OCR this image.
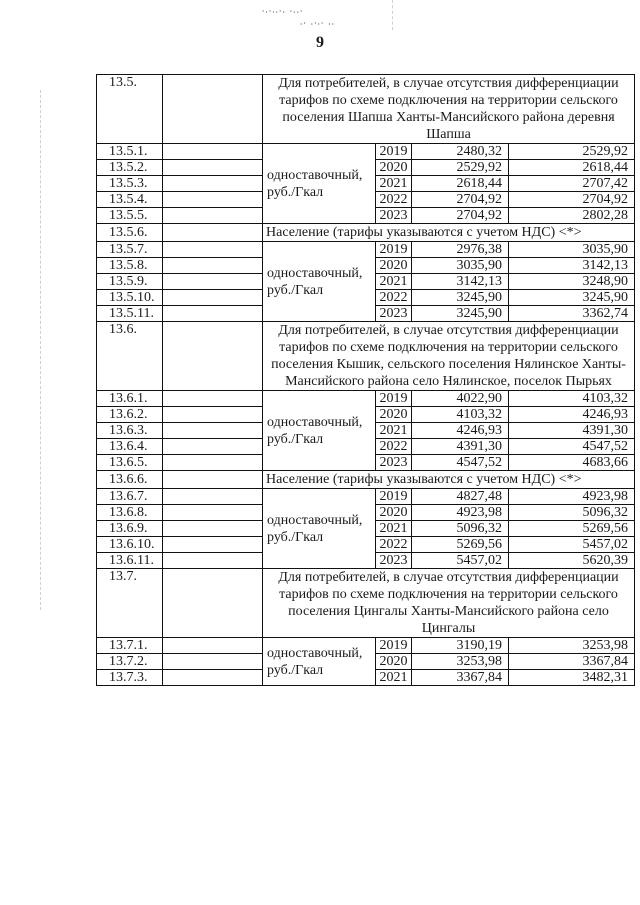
⸱⸳⸱⸳⸳⸱⸳ ⸱⸳⸳⸱
⸳⸱ ⸳⸱⸳⸱ ⸳⸳
9
13.5.		Для потребителей, в случае отсутствия дифференциации тарифов по схеме подключения на территории сельского поселения Шапша Ханты-Мансийского района деревня Шапша			
13.5.1.		одноставочный, руб./Гкал	2019	2480,32	2529,92
13.5.2.			2020	2529,92	2618,44
13.5.3.			2021	2618,44	2707,42
13.5.4.			2022	2704,92	2704,92
13.5.5.			2023	2704,92	2802,28
13.5.6.		Население (тарифы указываются с учетом НДС) <*>			
13.5.7.		одноставочный, руб./Гкал	2019	2976,38	3035,90
13.5.8.			2020	3035,90	3142,13
13.5.9.			2021	3142,13	3248,90
13.5.10.			2022	3245,90	3245,90
13.5.11.			2023	3245,90	3362,74
13.6.		Для потребителей, в случае отсутствия дифференциации тарифов по схеме подключения на территории сельского поселения Кышик, сельского поселения Нялинское Ханты-Мансийского района село Нялинское, поселок Пырьях			
13.6.1.		одноставочный, руб./Гкал	2019	4022,90	4103,32
13.6.2.			2020	4103,32	4246,93
13.6.3.			2021	4246,93	4391,30
13.6.4.			2022	4391,30	4547,52
13.6.5.			2023	4547,52	4683,66
13.6.6.		Население (тарифы указываются с учетом НДС) <*>			
13.6.7.		одноставочный, руб./Гкал	2019	4827,48	4923,98
13.6.8.			2020	4923,98	5096,32
13.6.9.			2021	5096,32	5269,56
13.6.10.			2022	5269,56	5457,02
13.6.11.			2023	5457,02	5620,39
13.7.		Для потребителей, в случае отсутствия дифференциации тарифов по схеме подключения на территории сельского поселения Цингалы Ханты-Мансийского района село Цингалы			
13.7.1.		одноставочный, руб./Гкал	2019	3190,19	3253,98
13.7.2.			2020	3253,98	3367,84
13.7.3.			2021	3367,84	3482,31
